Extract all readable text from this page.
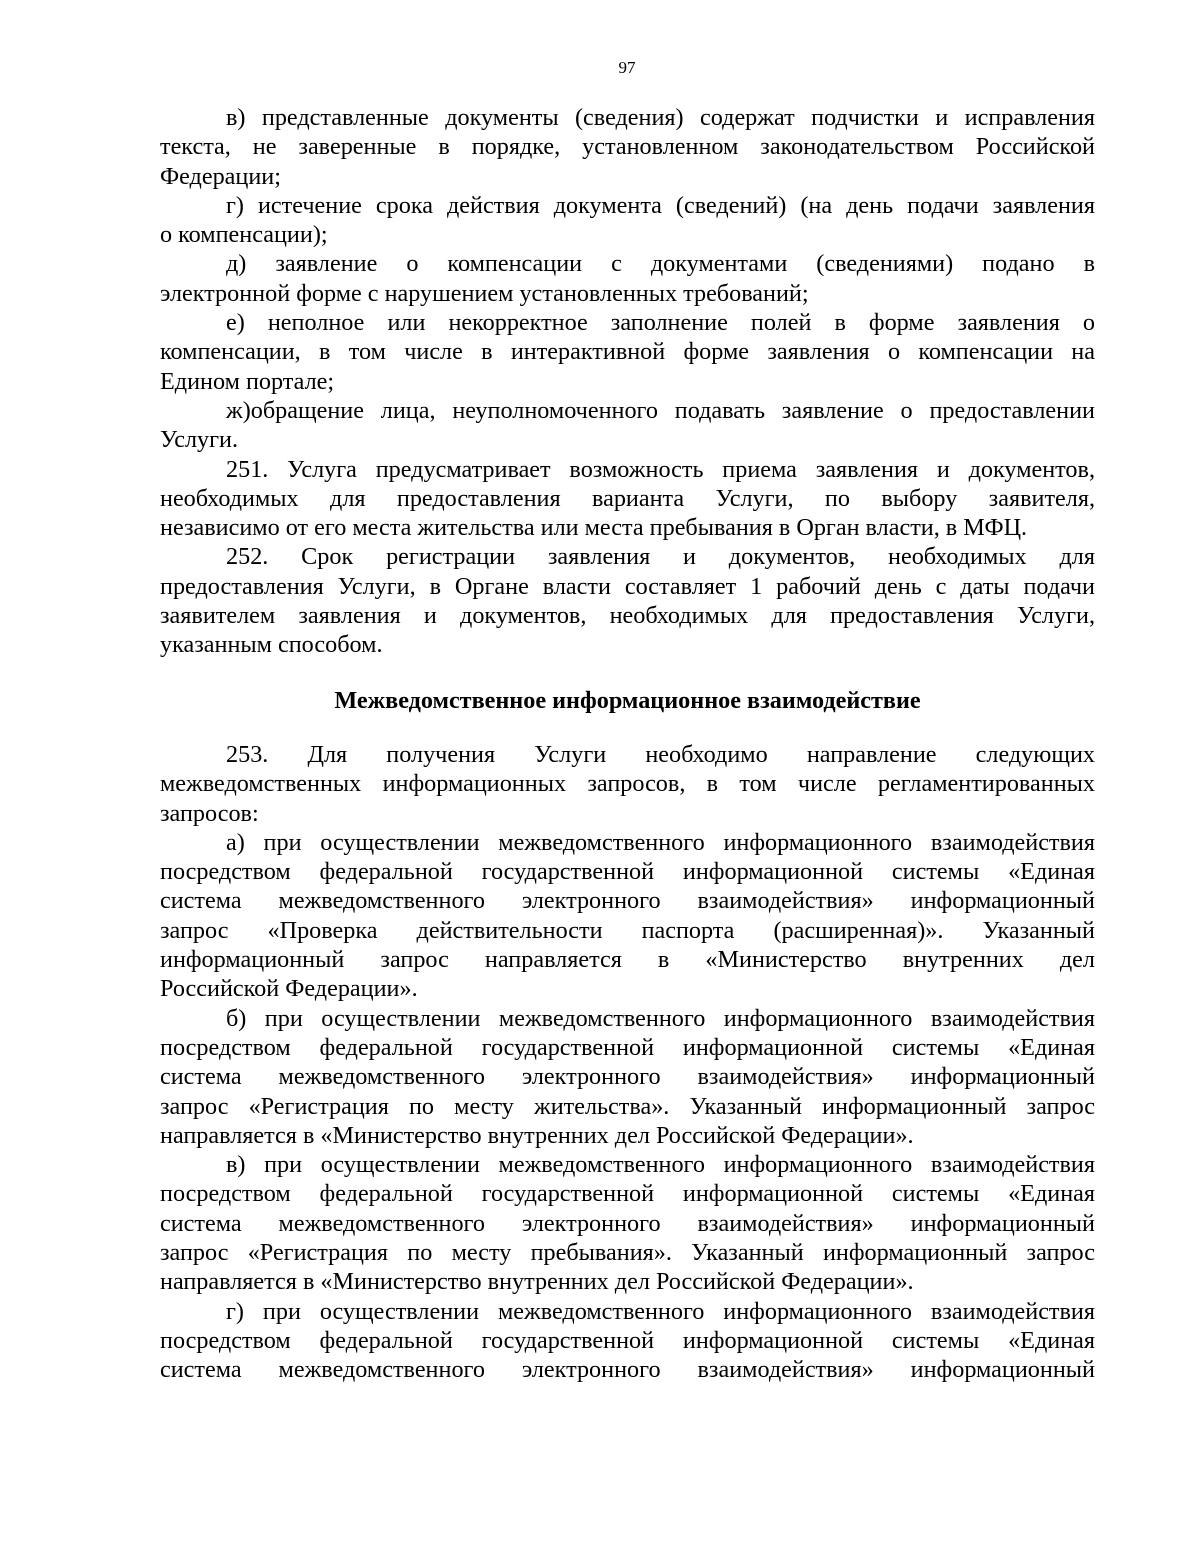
97
в) представленные документы (сведения) содержат подчистки и исправления
текста, не заверенные в порядке, установленном законодательством Российской
Федерации;
г) истечение срока действия документа (сведений) (на день подачи заявления
о компенсации);
д) заявление о компенсации с документами (сведениями) подано в
электронной форме с нарушением установленных требований;
е) неполное или некорректное заполнение полей в форме заявления о
компенсации, в том числе в интерактивной форме заявления о компенсации на
Едином портале;
ж)обращение лица, неуполномоченного подавать заявление о предоставлении
Услуги.
251. Услуга предусматривает возможность приема заявления и документов,
необходимых для предоставления варианта Услуги, по выбору заявителя,
независимо от его места жительства или места пребывания в Орган власти, в МФЦ.
252. Срок регистрации заявления и документов, необходимых для
предоставления Услуги, в Органе власти составляет 1 рабочий день с даты подачи
заявителем заявления и документов, необходимых для предоставления Услуги,
указанным способом.
Межведомственное информационное взаимодействие
253. Для получения Услуги необходимо направление следующих
межведомственных информационных запросов, в том числе регламентированных
запросов:
а) при осуществлении межведомственного информационного взаимодействия
посредством федеральной государственной информационной системы «Единая
система межведомственного электронного взаимодействия» информационный
запрос «Проверка действительности паспорта (расширенная)». Указанный
информационный запрос направляется в «Министерство внутренних дел
Российской Федерации».
б) при осуществлении межведомственного информационного взаимодействия
посредством федеральной государственной информационной системы «Единая
система межведомственного электронного взаимодействия» информационный
запрос «Регистрация по месту жительства». Указанный информационный запрос
направляется в «Министерство внутренних дел Российской Федерации».
в) при осуществлении межведомственного информационного взаимодействия
посредством федеральной государственной информационной системы «Единая
система межведомственного электронного взаимодействия» информационный
запрос «Регистрация по месту пребывания». Указанный информационный запрос
направляется в «Министерство внутренних дел Российской Федерации».
г) при осуществлении межведомственного информационного взаимодействия
посредством федеральной государственной информационной системы «Единая
система межведомственного электронного взаимодействия» информационный
